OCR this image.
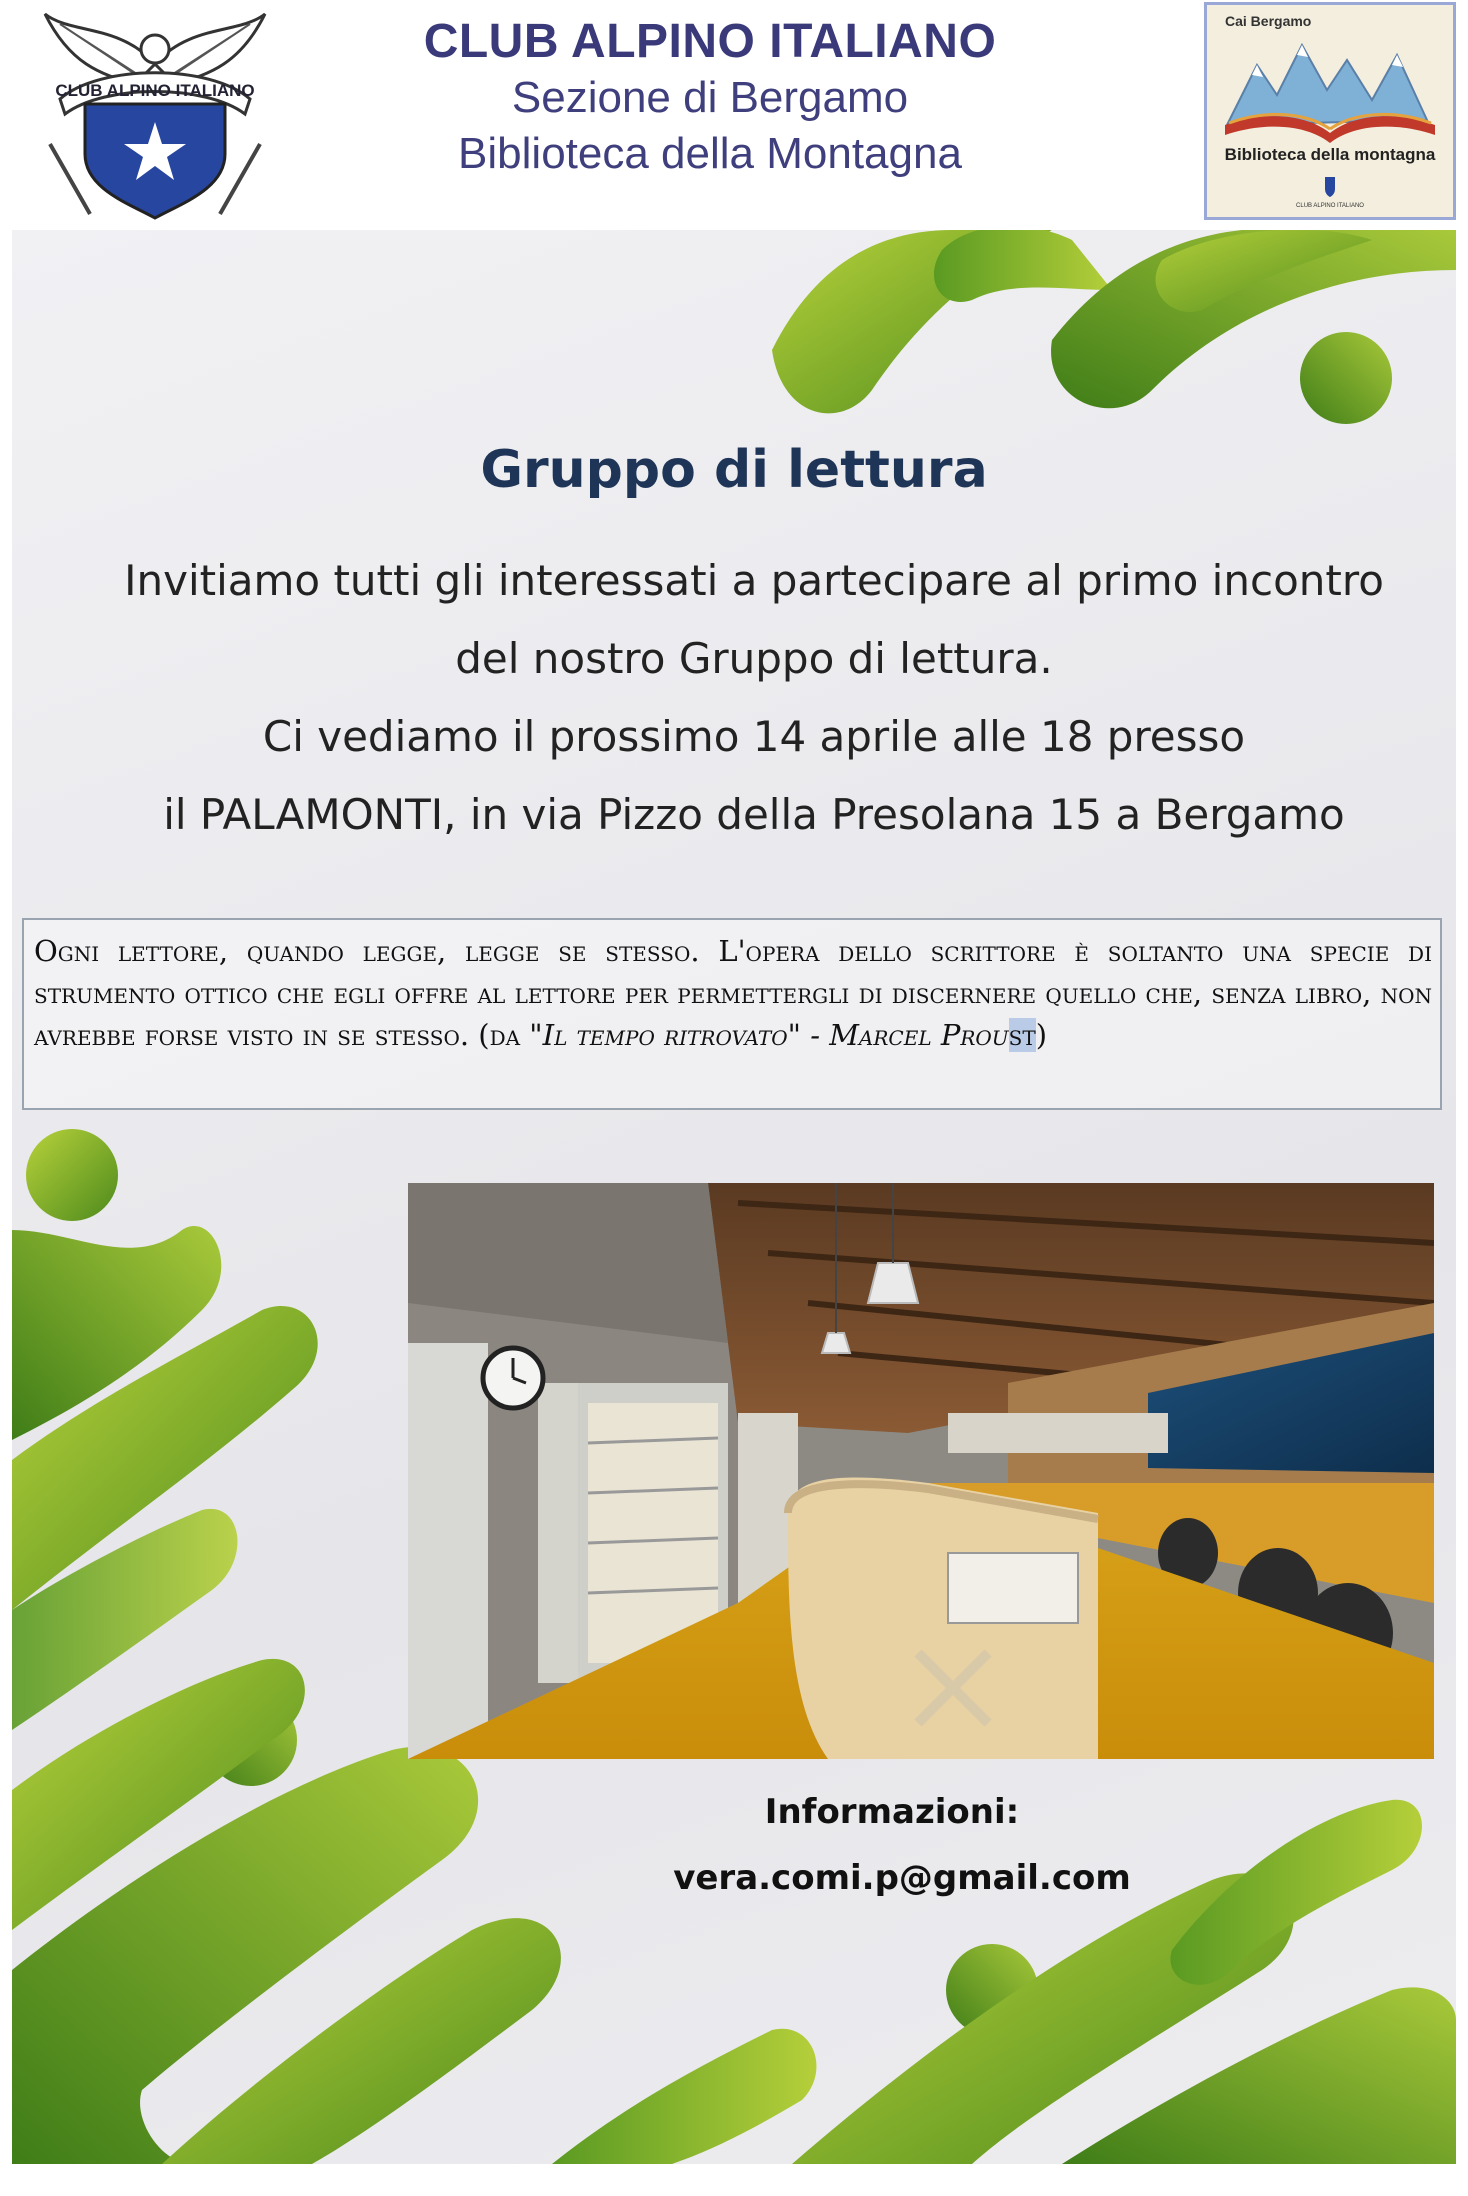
CLUB ALPINO ITALIANO
CLUB ALPINO ITALIANO
Sezione di Bergamo
Biblioteca della Montagna
Cai Bergamo
CLUB ALPINO ITALIANO
Biblioteca della montagna
Gruppo di lettura
Invitiamo tutti gli interessati a partecipare al primo incontro
del nostro Gruppo di lettura.
Ci vediamo il prossimo 14 aprile alle 18 presso
il PALAMONTI, in via Pizzo della Presolana 15 a Bergamo
Ogni lettore, quando legge, legge se stesso. L'opera dello scrittore è soltanto una specie di strumento ottico che egli offre al lettore per permettergli di discernere quello che, senza libro, non avrebbe forse visto in se stesso. (da "Il tempo ritrovato" - Marcel Proust)
Informazioni:
vera.comi.p@gmail.com
